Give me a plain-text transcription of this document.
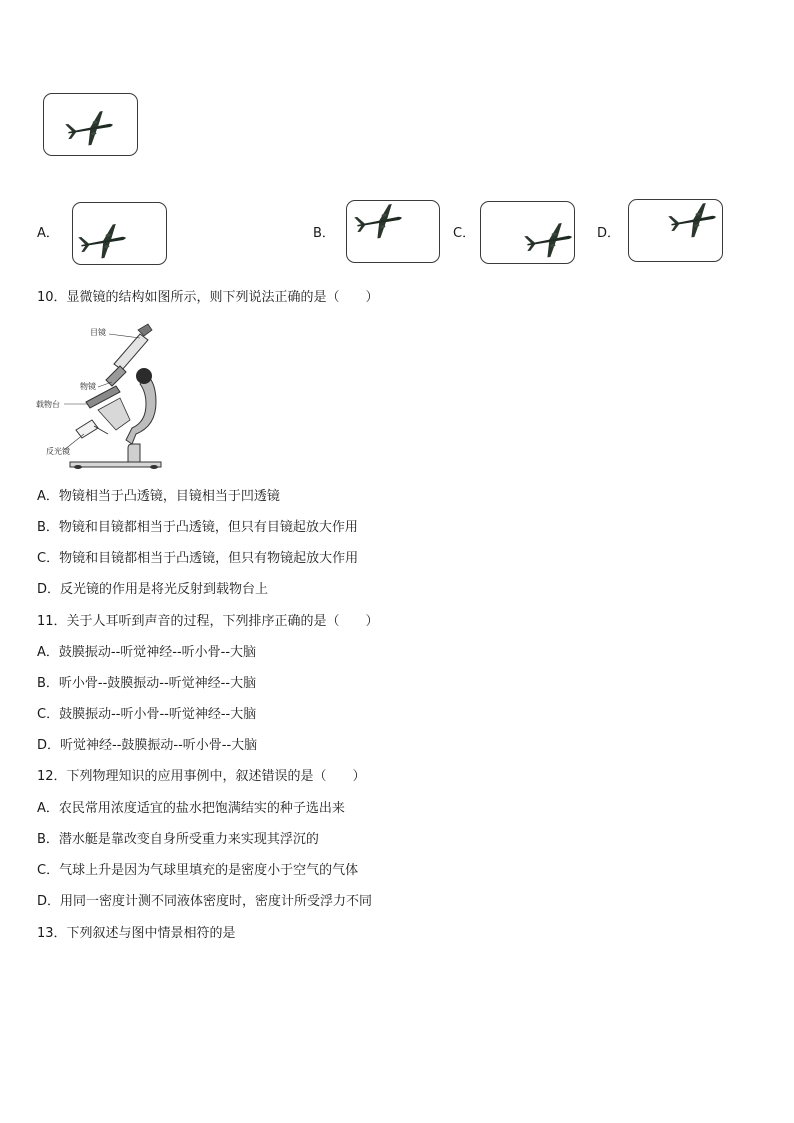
A．	B．	C．	D．
10．显微镜的结构如图所示，则下列说法正确的是（　　）
目镜
物镜
载物台
反光镜
A．物镜相当于凸透镜，目镜相当于凹透镜
B．物镜和目镜都相当于凸透镜，但只有目镜起放大作用
C．物镜和目镜都相当于凸透镜，但只有物镜起放大作用
D．反光镜的作用是将光反射到载物台上
11．关于人耳听到声音的过程，下列排序正确的是（　　）
A．鼓膜振动--听觉神经--听小骨--大脑
B．听小骨--鼓膜振动--听觉神经--大脑
C．鼓膜振动--听小骨--听觉神经--大脑
D．听觉神经--鼓膜振动--听小骨--大脑
12．下列物理知识的应用事例中，叙述错误的是（　　）
A．农民常用浓度适宜的盐水把饱满结实的种子选出来
B．潜水艇是靠改变自身所受重力来实现其浮沉的
C．气球上升是因为气球里填充的是密度小于空气的气体
D．用同一密度计测不同液体密度时，密度计所受浮力不同
13．下列叙述与图中情景相符的是
